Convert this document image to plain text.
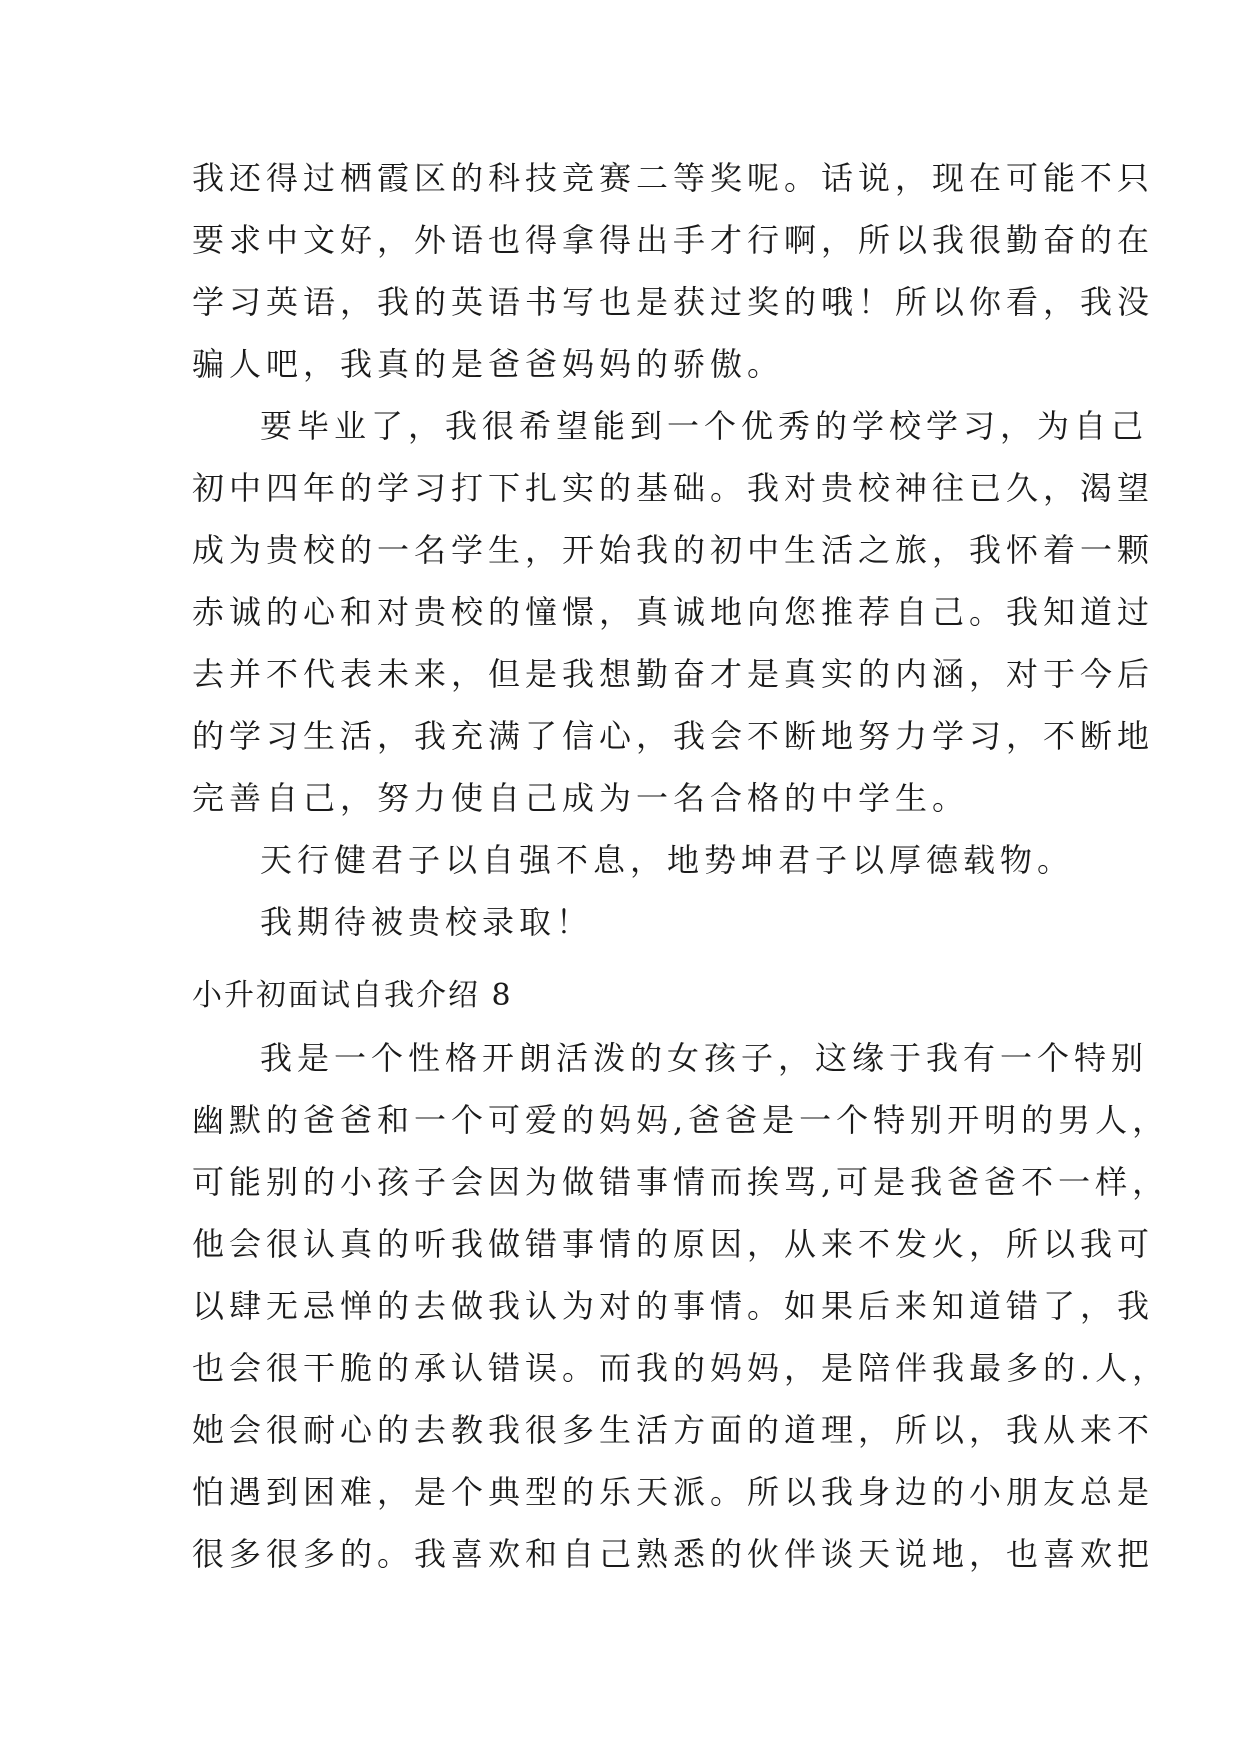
我还得过栖霞区的科技竞赛二等奖呢。话说，现在可能不只
要求中文好，外语也得拿得出手才行啊，所以我很勤奋的在
学习英语，我的英语书写也是获过奖的哦！所以你看，我没
骗人吧，我真的是爸爸妈妈的骄傲。
要毕业了，我很希望能到一个优秀的学校学习，为自己
初中四年的学习打下扎实的基础。我对贵校神往已久，渴望
成为贵校的一名学生，开始我的初中生活之旅，我怀着一颗
赤诚的心和对贵校的憧憬，真诚地向您推荐自己。我知道过
去并不代表未来，但是我想勤奋才是真实的内涵，对于今后
的学习生活，我充满了信心，我会不断地努力学习，不断地
完善自己，努力使自己成为一名合格的中学生。
天行健君子以自强不息，地势坤君子以厚德载物。
我期待被贵校录取！
小升初面试自我介绍 8
我是一个性格开朗活泼的女孩子，这缘于我有一个特别
幽默的爸爸和一个可爱的妈妈,爸爸是一个特别开明的男人，
可能别的小孩子会因为做错事情而挨骂,可是我爸爸不一样，
他会很认真的听我做错事情的原因，从来不发火，所以我可
以肆无忌惮的去做我认为对的事情。如果后来知道错了，我
也会很干脆的承认错误。而我的妈妈，是陪伴我最多的.人，
她会很耐心的去教我很多生活方面的道理，所以，我从来不
怕遇到困难，是个典型的乐天派。所以我身边的小朋友总是
很多很多的。我喜欢和自己熟悉的伙伴谈天说地，也喜欢把
